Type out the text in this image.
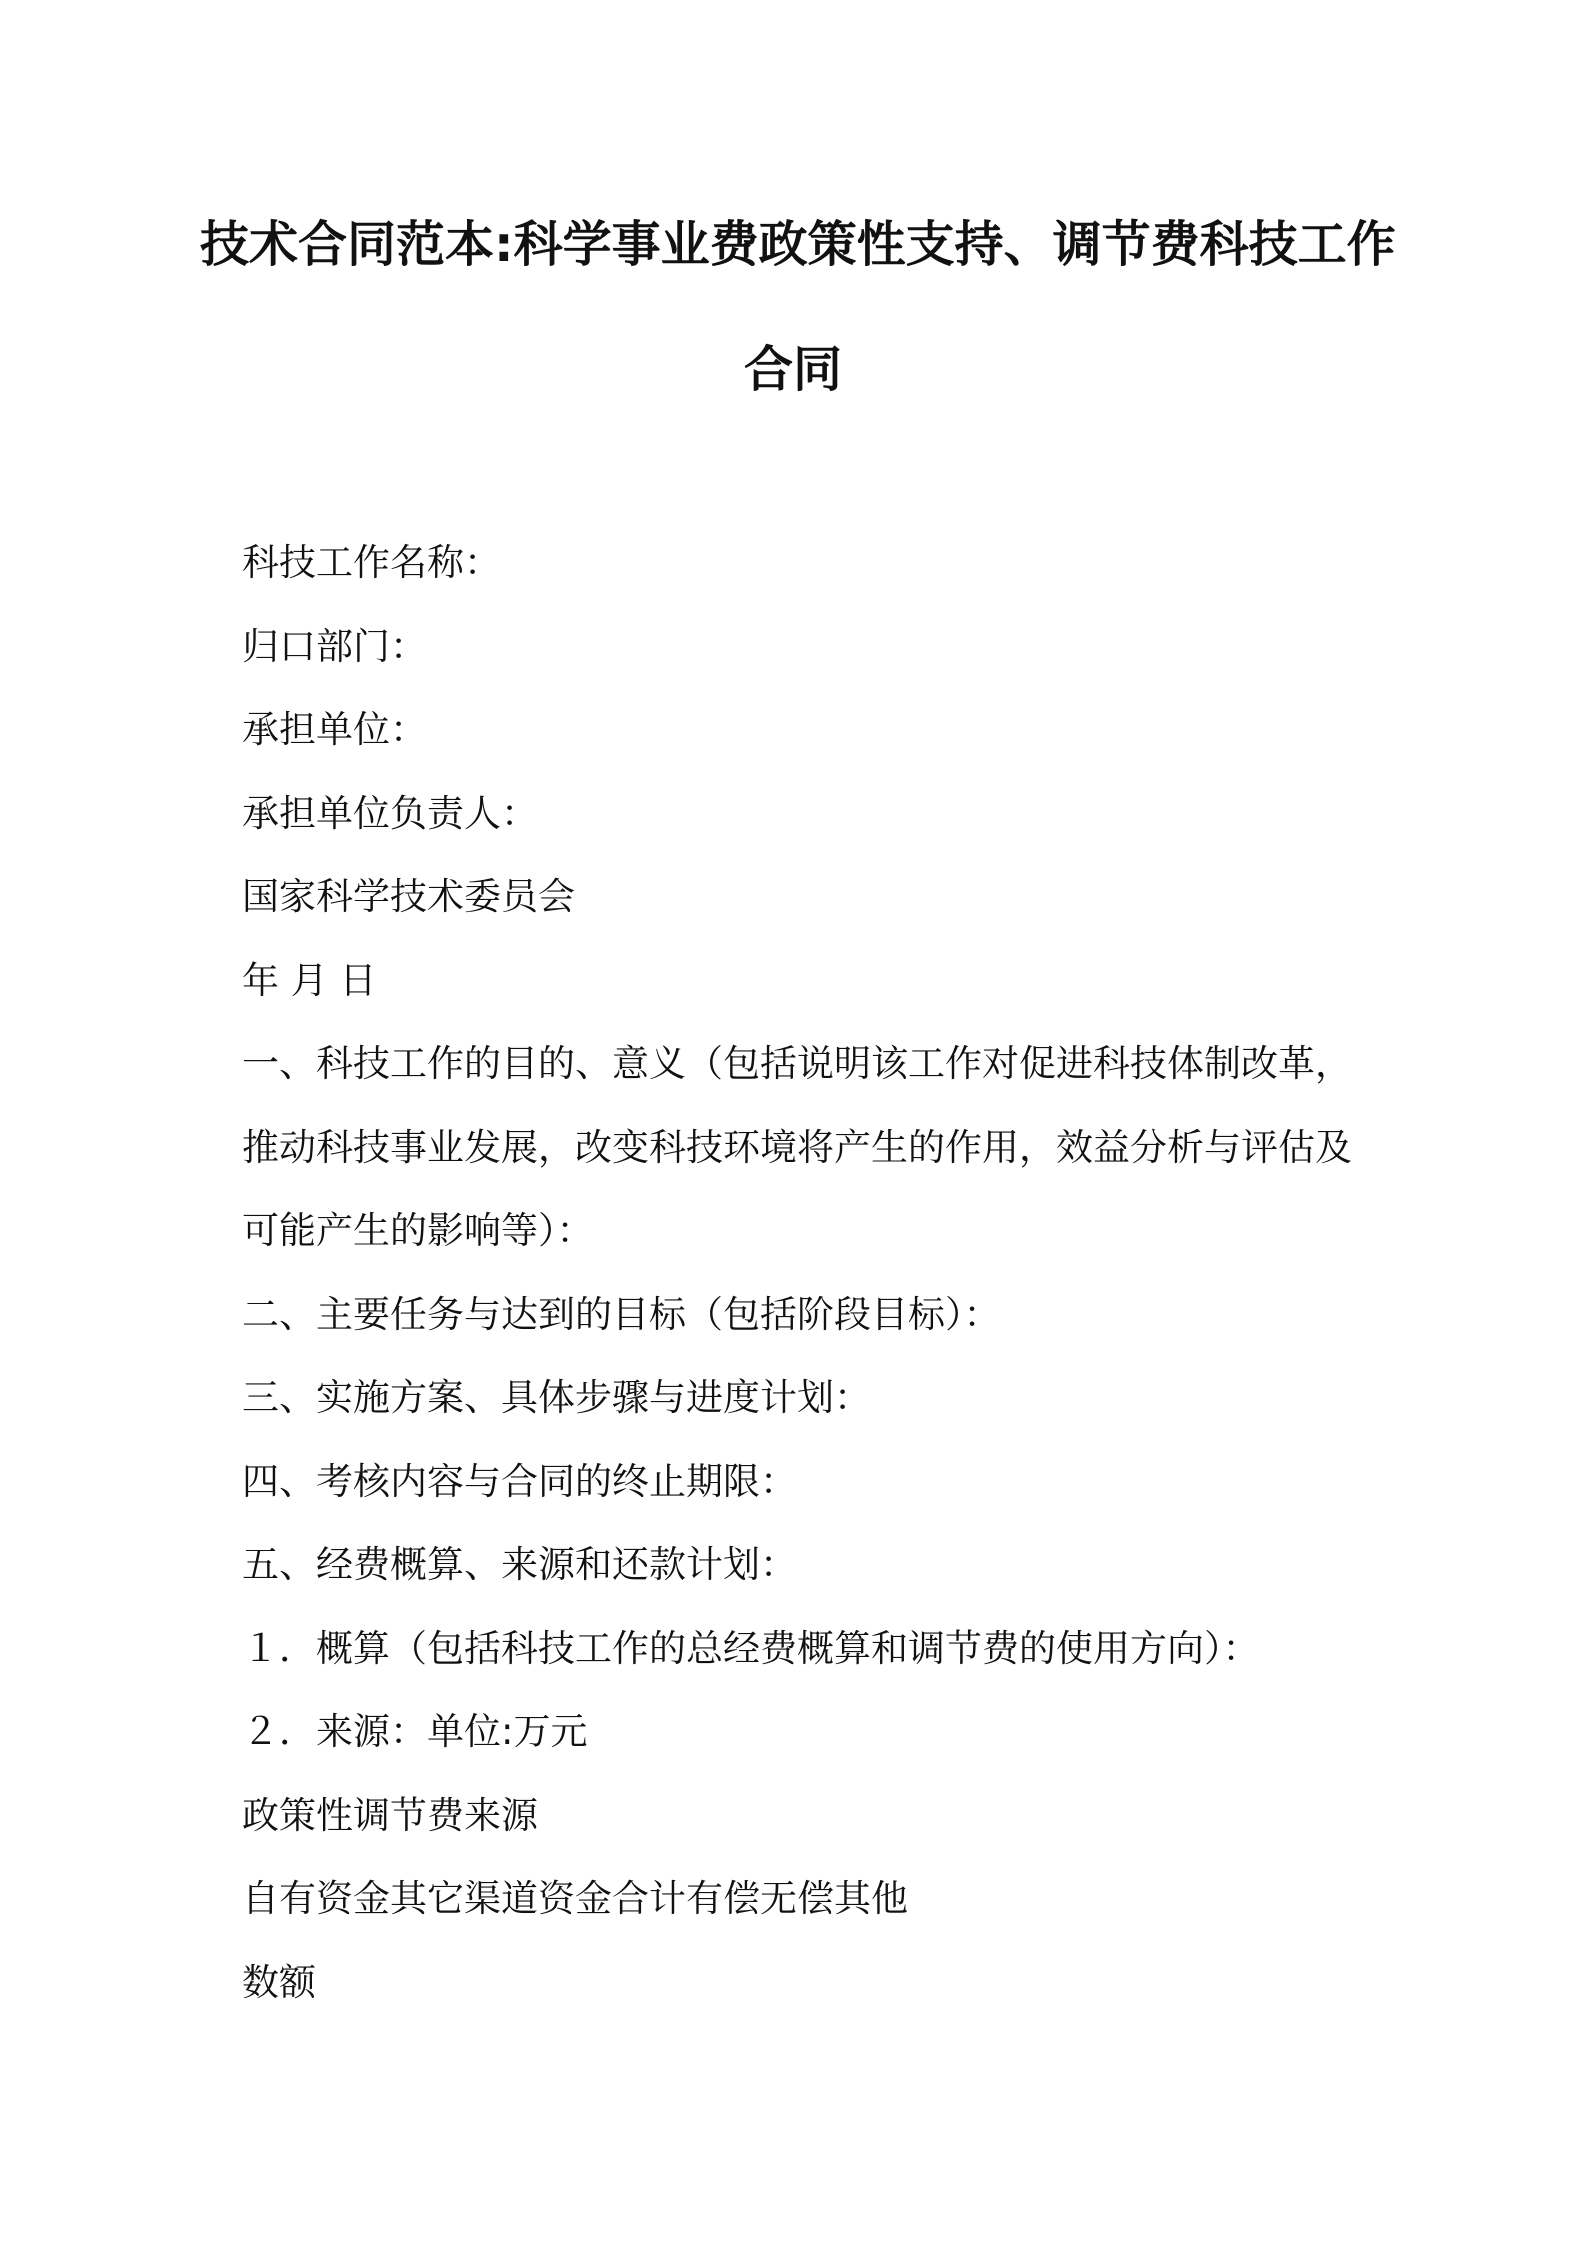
技术合同范本:科学事业费政策性支持、调节费科技工作
合同
科技工作名称：
归口部门：
承担单位：
承担单位负责人：
国家科学技术委员会
年 月 日
一、科技工作的目的、意义（包括说明该工作对促进科技体制改革，
推动科技事业发展，改变科技环境将产生的作用，效益分析与评估及
可能产生的影响等）：
二、主要任务与达到的目标（包括阶段目标）：
三、实施方案、具体步骤与进度计划：
四、考核内容与合同的终止期限：
五、经费概算、来源和还款计划：
１．概算（包括科技工作的总经费概算和调节费的使用方向）：
２．来源：单位:万元
政策性调节费来源
自有资金其它渠道资金合计有偿无偿其他
数额
